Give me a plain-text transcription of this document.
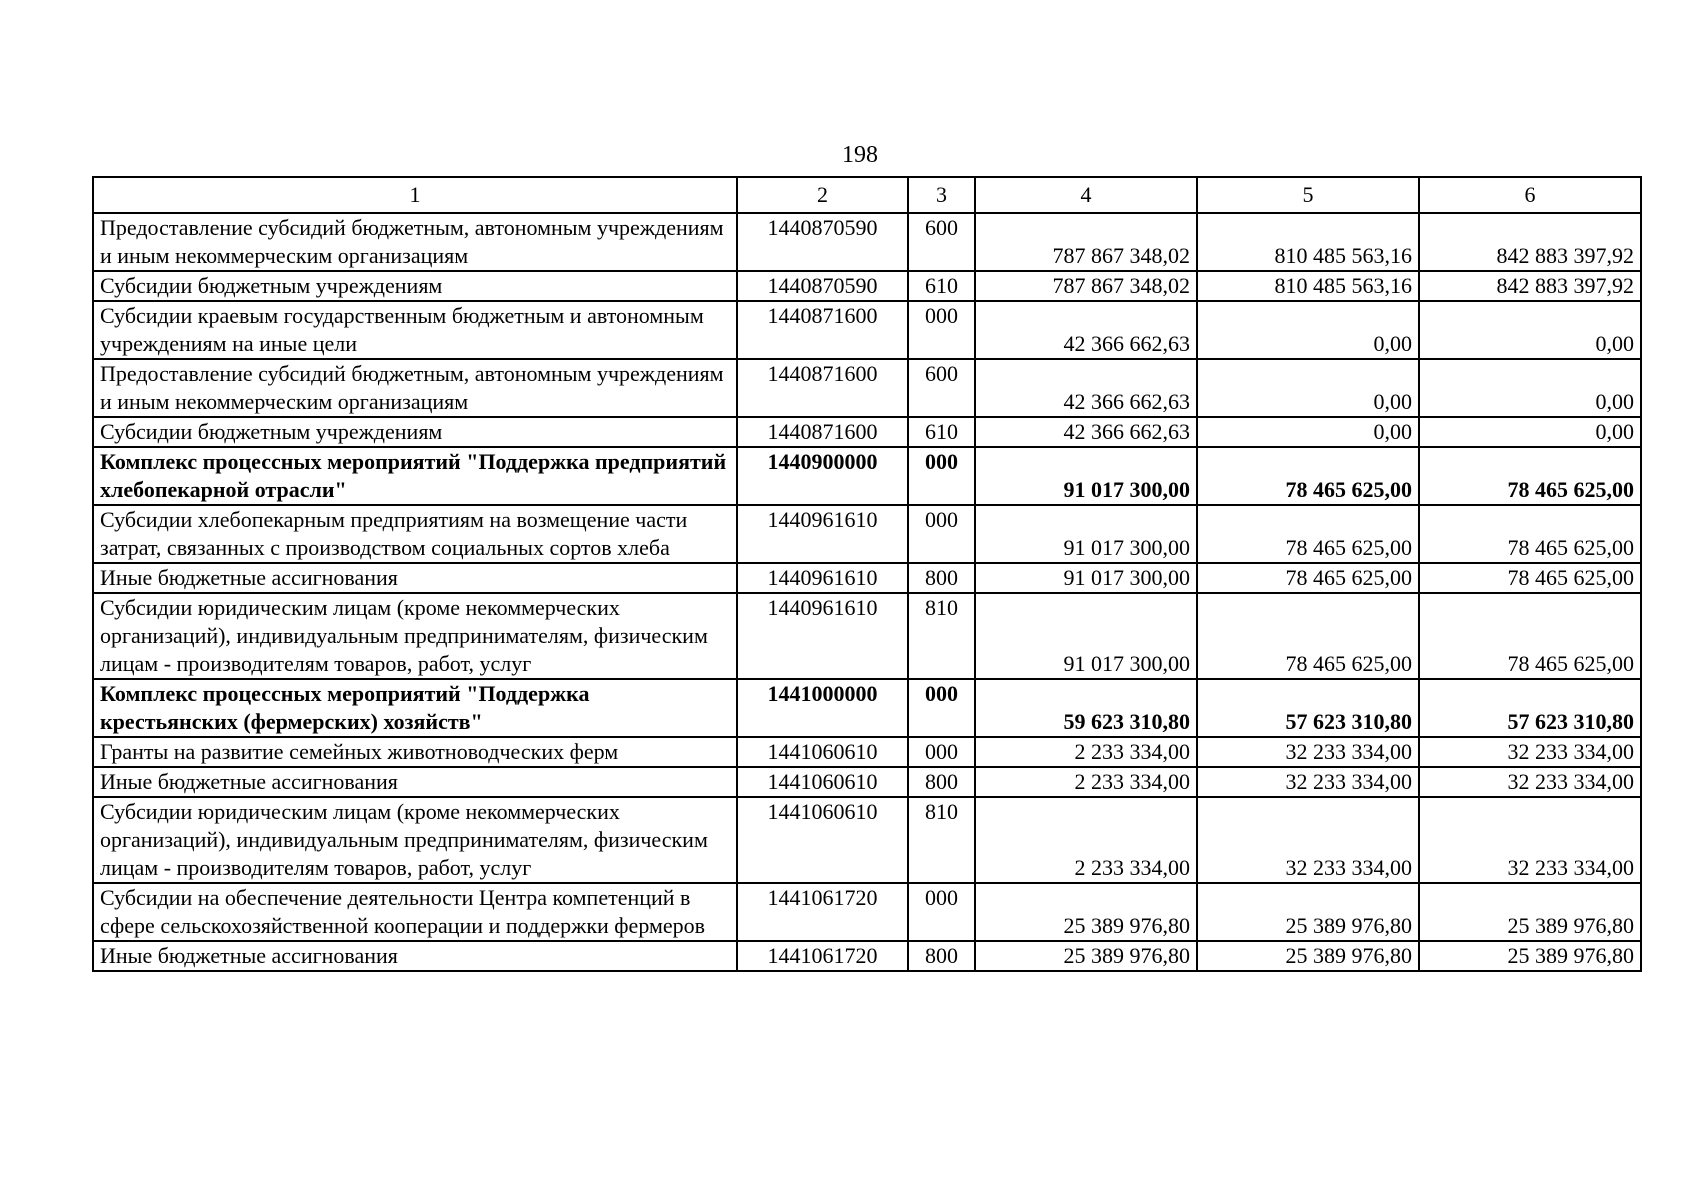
198
1	2	3	4	5	6
Предоставление субсидий бюджетным, автономным учреждениям и иным некоммерческим организациям	1440870590	600	787 867 348,02	810 485 563,16	842 883 397,92
Субсидии бюджетным учреждениям	1440870590	610	787 867 348,02	810 485 563,16	842 883 397,92
Субсидии краевым государственным бюджетным и автономным учреждениям на иные цели	1440871600	000	42 366 662,63	0,00	0,00
Предоставление субсидий бюджетным, автономным учреждениям и иным некоммерческим организациям	1440871600	600	42 366 662,63	0,00	0,00
Субсидии бюджетным учреждениям	1440871600	610	42 366 662,63	0,00	0,00
Комплекс процессных мероприятий "Поддержка предприятий хлебопекарной отрасли"	1440900000	000	91 017 300,00	78 465 625,00	78 465 625,00
Субсидии хлебопекарным предприятиям на возмещение части затрат, связанных с производством социальных сортов хлеба	1440961610	000	91 017 300,00	78 465 625,00	78 465 625,00
Иные бюджетные ассигнования	1440961610	800	91 017 300,00	78 465 625,00	78 465 625,00
Субсидии юридическим лицам (кроме некоммерческих организаций), индивидуальным предпринимателям, физическим лицам - производителям товаров, работ, услуг	1440961610	810	91 017 300,00	78 465 625,00	78 465 625,00
Комплекс процессных мероприятий "Поддержка крестьянских (фермерских) хозяйств"	1441000000	000	59 623 310,80	57 623 310,80	57 623 310,80
Гранты на развитие семейных животноводческих ферм	1441060610	000	2 233 334,00	32 233 334,00	32 233 334,00
Иные бюджетные ассигнования	1441060610	800	2 233 334,00	32 233 334,00	32 233 334,00
Субсидии юридическим лицам (кроме некоммерческих организаций), индивидуальным предпринимателям, физическим лицам - производителям товаров, работ, услуг	1441060610	810	2 233 334,00	32 233 334,00	32 233 334,00
Субсидии на обеспечение деятельности Центра компетенций в сфере сельскохозяйственной кооперации и поддержки фермеров	1441061720	000	25 389 976,80	25 389 976,80	25 389 976,80
Иные бюджетные ассигнования	1441061720	800	25 389 976,80	25 389 976,80	25 389 976,80
